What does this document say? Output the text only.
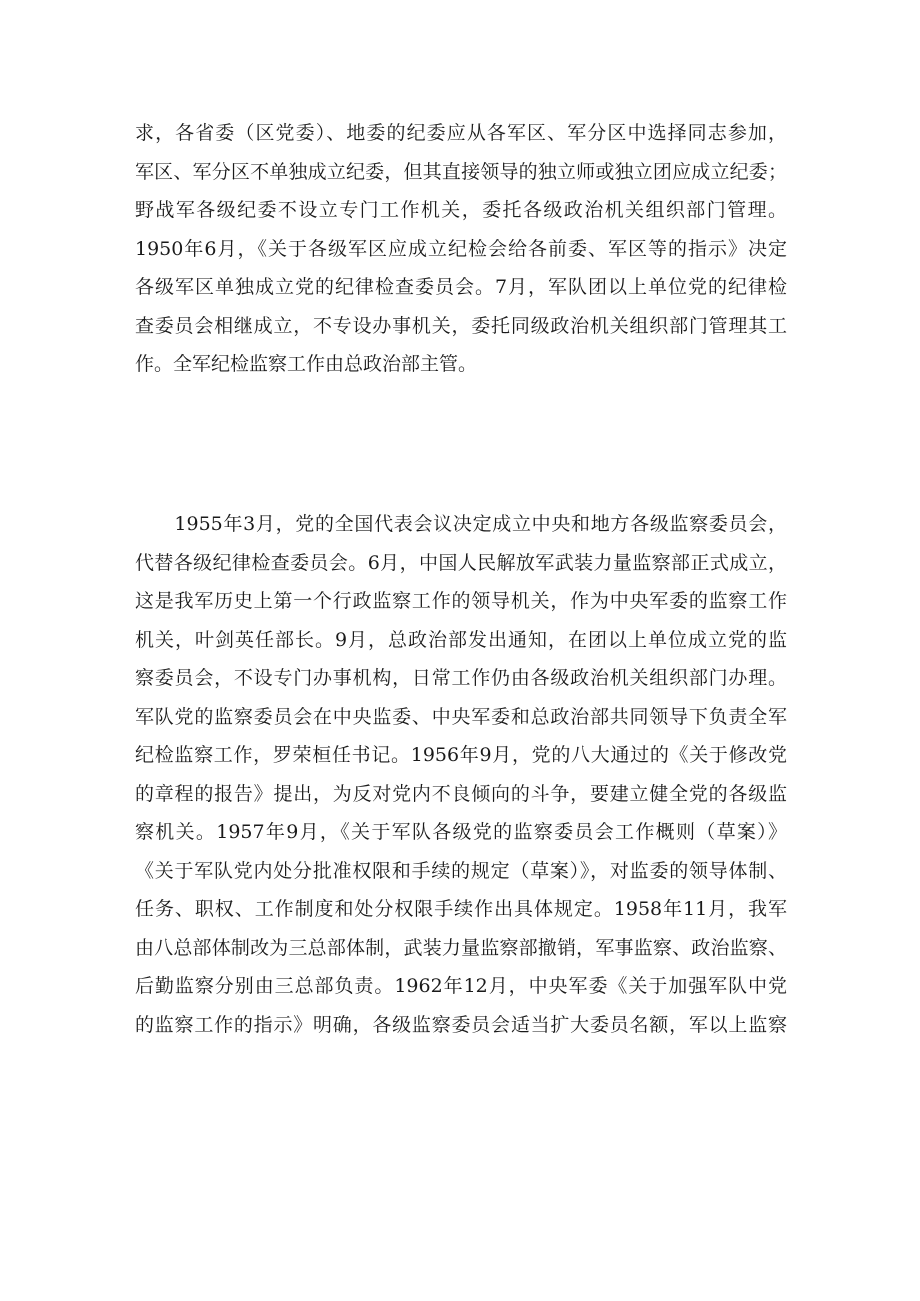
求，各省委（区党委）、地委的纪委应从各军区、军分区中选择同志参加，
军区、军分区不单独成立纪委，但其直接领导的独立师或独立团应成立纪委；
野战军各级纪委不设立专门工作机关，委托各级政治机关组织部门管理。
1950年6月，《关于各级军区应成立纪检会给各前委、军区等的指示》决定
各级军区单独成立党的纪律检查委员会。7月，军队团以上单位党的纪律检
查委员会相继成立，不专设办事机关，委托同级政治机关组织部门管理其工
作。全军纪检监察工作由总政治部主管。
　　1955年3月，党的全国代表会议决定成立中央和地方各级监察委员会，
代替各级纪律检查委员会。6月，中国人民解放军武装力量监察部正式成立，
这是我军历史上第一个行政监察工作的领导机关，作为中央军委的监察工作
机关，叶剑英任部长。9月，总政治部发出通知，在团以上单位成立党的监
察委员会，不设专门办事机构，日常工作仍由各级政治机关组织部门办理。
军队党的监察委员会在中央监委、中央军委和总政治部共同领导下负责全军
纪检监察工作，罗荣桓任书记。1956年9月，党的八大通过的《关于修改党
的章程的报告》提出，为反对党内不良倾向的斗争，要建立健全党的各级监
察机关。1957年9月，《关于军队各级党的监察委员会工作概则（草案）》
《关于军队党内处分批准权限和手续的规定（草案）》，对监委的领导体制、
任务、职权、工作制度和处分权限手续作出具体规定。1958年11月，我军
由八总部体制改为三总部体制，武装力量监察部撤销，军事监察、政治监察、
后勤监察分别由三总部负责。1962年12月，中央军委《关于加强军队中党
的监察工作的指示》明确，各级监察委员会适当扩大委员名额，军以上监察
